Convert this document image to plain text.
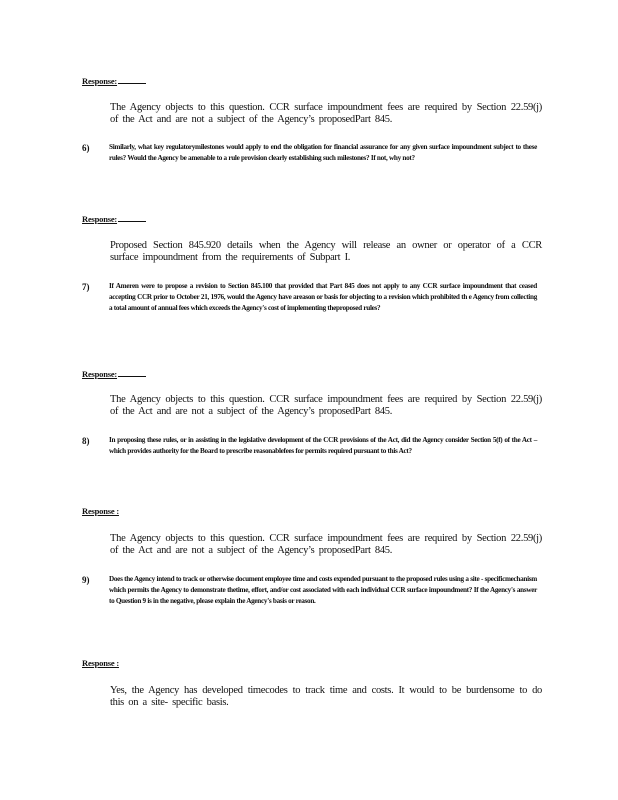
Response:
The Agency objects to this question. CCR surface impoundment fees are required by Section 22.59(j) of the Act and are not a subject of the Agency’s proposedPart 845.
6)	Similarly, what key regulatorymilestones would apply to end the obligation for financial assurance for any given surface impoundment subject to these rules? Would the Agency be amenable to a rule provision clearly establishing such milestones? If not, why not?
Response:
Proposed Section 845.920 details when the Agency will release an owner or operator of a CCR surface impoundment from the requirements of Subpart I.
7)	If Ameren were to propose a revision to Section 845.100 that provided that Part 845 does not apply to any CCR surface impoundment that ceased accepting CCR prior to October 21, 1976, would the Agency have areason or basis for objecting to a revision which prohibited th e Agency from collecting a total amount of annual fees which exceeds the Agency's cost of implementing theproposed rules?
Response:
The Agency objects to this question. CCR surface impoundment fees are required by Section 22.59(j) of the Act and are not a subject of the Agency’s proposedPart 845.
8)	In proposing these rules, or in assisting in the legislative development of the CCR provisions of the Act, did the Agency consider Section 5(f) of the Act – which provides authority for the Board to prescribe reasonablefees for permits required pursuant to this Act?
Response :
The Agency objects to this question. CCR surface impoundment fees are required by Section 22.59(j) of the Act and are not a subject of the Agency’s proposedPart 845.
9)	Does the Agency intend to track or otherwise document employee time and costs expended pursuant to the proposed rules using a site - specificmechanism which permits the Agency to demonstrate thetime, effort, and/or cost associated with each individual CCR surface impoundment? If the Agency's answer to Question 9 is in the negative, please explain the Agency's basis or reason.
Response :
Yes, the Agency has developed timecodes to track time and costs. It would to be burdensome to do this on a site- specific basis.
